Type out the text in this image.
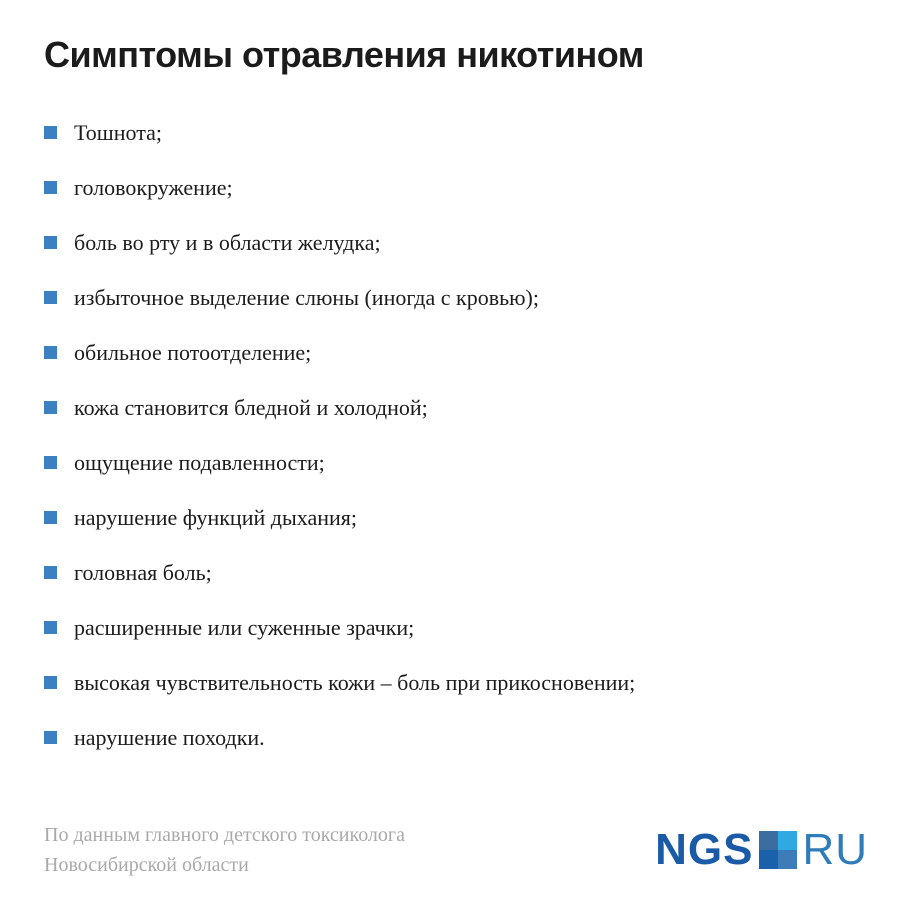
Симптомы отравления никотином
Тошнота;
головокружение;
боль во рту и в области желудка;
избыточное выделение слюны (иногда с кровью);
обильное потоотделение;
кожа становится бледной и холодной;
ощущение подавленности;
нарушение функций дыхания;
головная боль;
расширенные или суженные зрачки;
высокая чувствительность кожи – боль при прикосновении;
нарушение походки.
По данным главного детского токсиколога
Новосибирской области	NGS RU
